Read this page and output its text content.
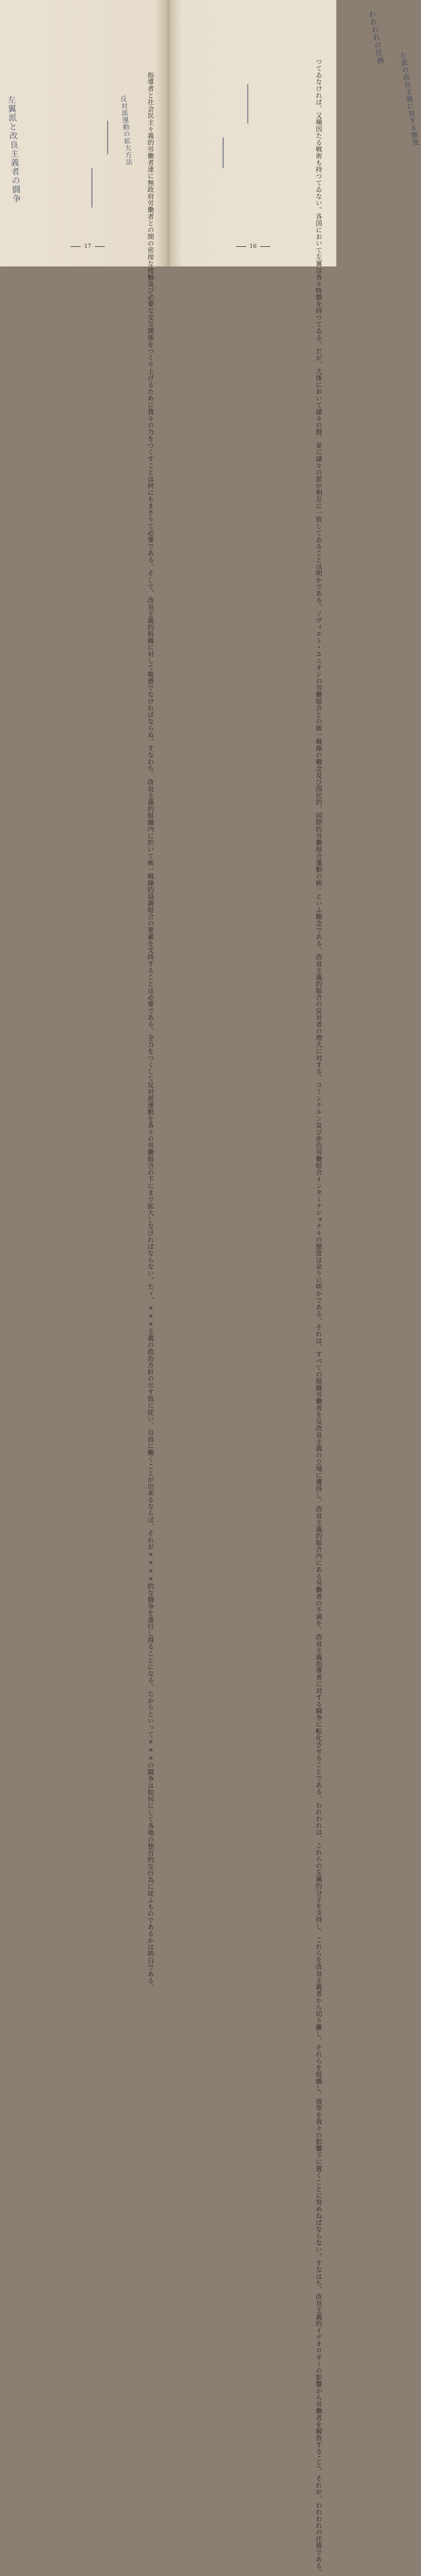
左翼派と改良主義者の闘争	反対派運動の拡大方法	指導者と社会民主々義的労働者達に無政府労働者との間の密接な接触及び必要な交互関係をつくり上げるために我々の力をつくすことは何にもまさりて必要である。そして、改良主義的組織に対して敏感でなければならぬ。すなわち、改良主義的組織内に於いて統一戦線的協調組合の要素を支持することは必要である。全力をつくして反対派運動を各々の労働組合の下にまで拡大しなければならない。たゞ、×××主義の政治方針の示す処に従い、自由に働くことが出来るならば、それが××××的な闘争を遂行し得ることになる。たからといって×××の闘争は如何にして各地の独自的な行為に従ふものであるかは明白である。
17
われわれの任務
左派の改良主義に対する態度
つてゐなければ、又種因たる戦術も持つてゐない。各国において左翼は各々特徴を持つてゐる。だが、大体において諸々の群、並に諸々の派が相互に一致してゐることは明かである。ソヴィエト・ユニオンの労働組合との統一戦線の観念及び国民的、国際的労働組合運動の統一といふ観念である。改良主義的組合の反対者の増大に対する、コミンテルン及び赤色労働組合インターナショナルの態度は余りに明かである。それは、すべての組織労働者を反改良主義の立場に獲得し、改良主義的組合内にある労働者の不満を、改良主義指導者に対する闘争に転化させることである。われわれは、これらの左翼的分子を支持し、これらを改良主義者から切り離し、それらを組織し、彼等を我々の影響下に置くことに努めねばならない。すなはち、改良主義的イデオロギーの影響から労働者を解放すること、それが、われわれの任務である。
16
